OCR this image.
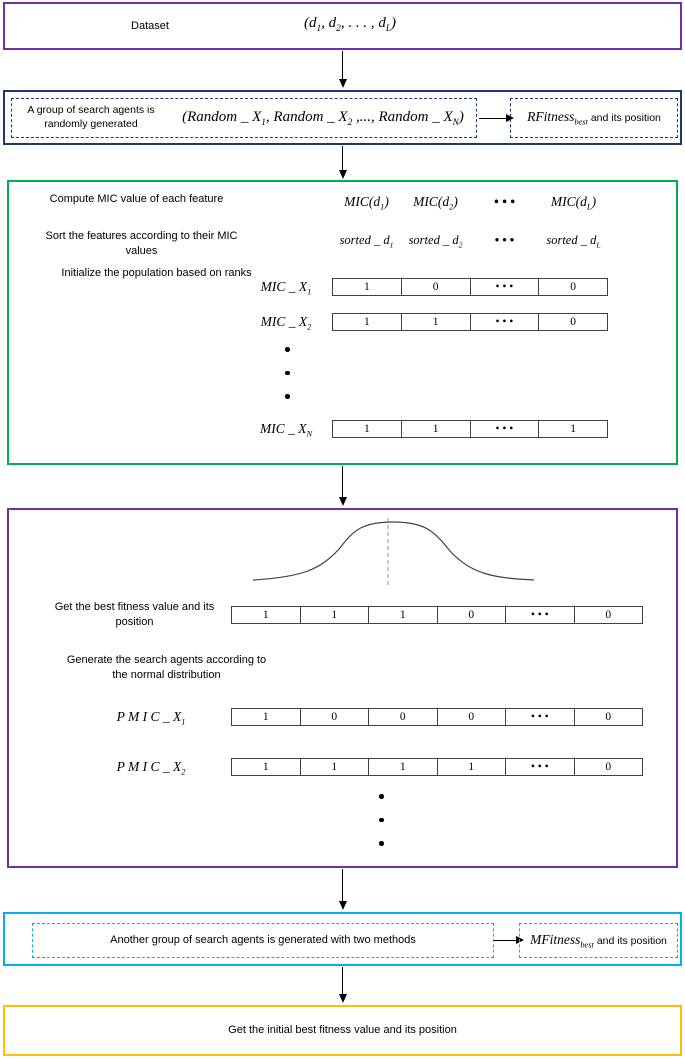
Dataset	($d_1$, $d_2$, . . . , $d_L$)
A group of search agents is randomly generated	(Random _ $X_1$, Random _ $X_2$ ,..., Random _ $X_N$)	RFitness$_{best}$ and its position
Compute MIC value of each feature	$MIC(d_1)$	$MIC(d_2)$	• • •	$MIC(d_L)$
Sort the features according to their MIC values
sorted _ $d_1$	sorted _ $d_2$	• • •	sorted _ $d_L$
Initialize the population based on ranks
MIC _ $X_1$	1	0	• • •	0
MIC _ $X_2$	1	1	• • •	0
MIC _ $X_N$	1	1	• • •	1
Get the best fitness value and its position
1	1	1	0	• • •	0
Generate the search agents according to the normal distribution
P M I C _ $X_1$	1	0	0	0	• • •	0
P M I C _ $X_2$	1	1	1	1	• • •	0
Another group of search agents is generated with two methods	MFitness$_{best}$ and its position
Get the initial best fitness value and its position
